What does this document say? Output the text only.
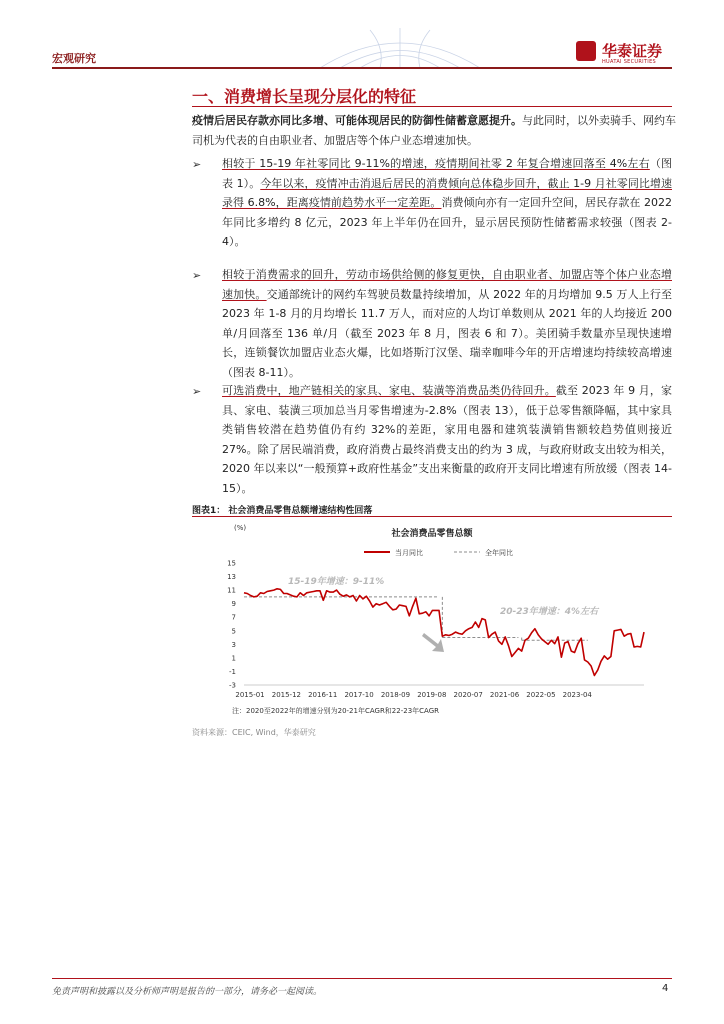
宏观研究	华泰证券
HUATAI SECURITIES
一、消费增长呈现分层化的特征
疫情后居民存款亦同比多增、可能体现居民的防御性储蓄意愿提升。与此同时，以外卖骑手、网约车司机为代表的自由职业者、加盟店等个体户业态增速加快。
➢ 相较于 15-19 年社零同比 9-11%的增速，疫情期间社零 2 年复合增速回落至 4%左右（图表 1）。今年以来，疫情冲击消退后居民的消费倾向总体稳步回升，截止 1-9 月社零同比增速录得 6.8%，距离疫情前趋势水平一定差距。消费倾向亦有一定回升空间，居民存款在 2022 年同比多增约 8 亿元，2023 年上半年仍在回升，显示居民预防性储蓄需求较强（图表 2-4）。
➢ 相较于消费需求的回升，劳动市场供给侧的修复更快，自由职业者、加盟店等个体户业态增速加快。交通部统计的网约车驾驶员数量持续增加，从 2022 年的月均增加 9.5 万人上行至 2023 年 1-8 月的月均增长 11.7 万人，而对应的人均订单数则从 2021 年的人均接近 200 单/月回落至 136 单/月（截至 2023 年 8 月，图表 6 和 7）。美团骑手数量亦呈现快速增长，连锁餐饮加盟店业态火爆，比如塔斯汀汉堡、瑞幸咖啡今年的开店增速均持续较高增速（图表 8-11）。
➢ 可选消费中，地产链相关的家具、家电、装潢等消费品类仍待回升。截至 2023 年 9 月，家具、家电、装潢三项加总当月零售增速为-2.8%（图表 13），低于总零售额降幅，其中家具类销售较潜在趋势值仍有约 32%的差距，家用电器和建筑装潢销售额较趋势值则接近 27%。除了居民端消费，政府消费占最终消费支出的约为 3 成，与政府财政支出较为相关，2020 年以来以“一般预算+政府性基金”支出来衡量的政府开支同比增速有所放缓（图表 14-15）。
图表1： 社会消费品零售总额增速结构性回落
(%)
社会消费品零售总额
当月同比	全年同比
-3
-1
1
3
5
7
9
11
13
15
2015-01 2015-12 2016-11 2017-10 2018-09 2019-08 2020-07 2021-06 2022-05 2023-04
15-19年增速：9-11%
20-23年增速：4%左右
注：2020至2022年的增速分别为20-21年CAGR和22-23年CAGR
资料来源：CEIC, Wind，华泰研究
免责声明和披露以及分析师声明是报告的一部分，请务必一起阅读。	4
